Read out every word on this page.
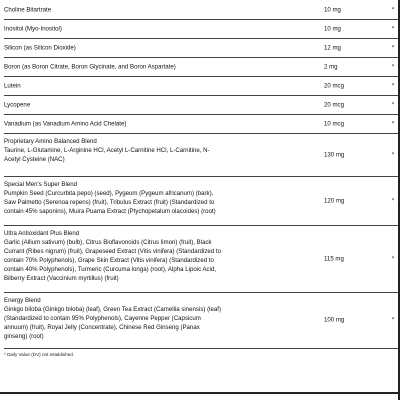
Choline Bitartrate	10 mg	*
Inositol (Myo-Inositol)	10 mg	*
Silicon (as Silicon Dioxide)	12 mg	*
Boron (as Boron Citrate, Boron Glycinate, and Boron Aspartate)	2 mg	*
Lutein	20 mcg	*
Lycopene	20 mcg	*
Vanadium (as Vanadium Amino Acid Chelate)	10 mcg	*
Proprietary Amino Balanced Blend
Taurine, L-Glutamine, L-Arginine HCl, Acetyl L-Carnitine HCl, L-Carnitine, N-
Acetyl Cysteine (NAC)
130 mg	*
Special Men's Super Blend
Pumpkin Seed (Curcurbita pepo) (seed), Pygeum (Pygeum africanum) (bark),
Saw Palmetto (Serenoa repens) (fruit), Tribulus Extract (fruit) (Standardized to
contain 45% saponins), Muira Puama Extract (Ptychopetalum olacoides) (root)
120 mg	*
Ultra Antioxidant Plus Blend
Garlic (Allium sativum) (bulb), Citrus Bioflavonoids (Citrus limon) (fruit), Black
Currant (Ribes nigrum) (fruit), Grapeseed Extract (Vitis vinifera) (Standardized to
contain 70% Polyphenols), Grape Skin Extract (Vitis vinifera) (Standardized to
contain 40% Polyphenols), Turmeric (Curcuma longa) (root), Alpha Lipoic Acid,
Bilberry Extract (Vaccinium myrtillus) (fruit)
115 mg	*
Energy Blend
Ginkgo biloba (Ginkgo biloba) (leaf), Green Tea Extract (Camellia sinensis) (leaf)
(Standardized to contain 95% Polyphenols), Cayenne Pepper (Capsicum
annuum) (fruit), Royal Jelly (Concentrate), Chinese Red Ginseng (Panax
ginseng) (root)
100 mg	*
* Daily Value (DV) not established.
